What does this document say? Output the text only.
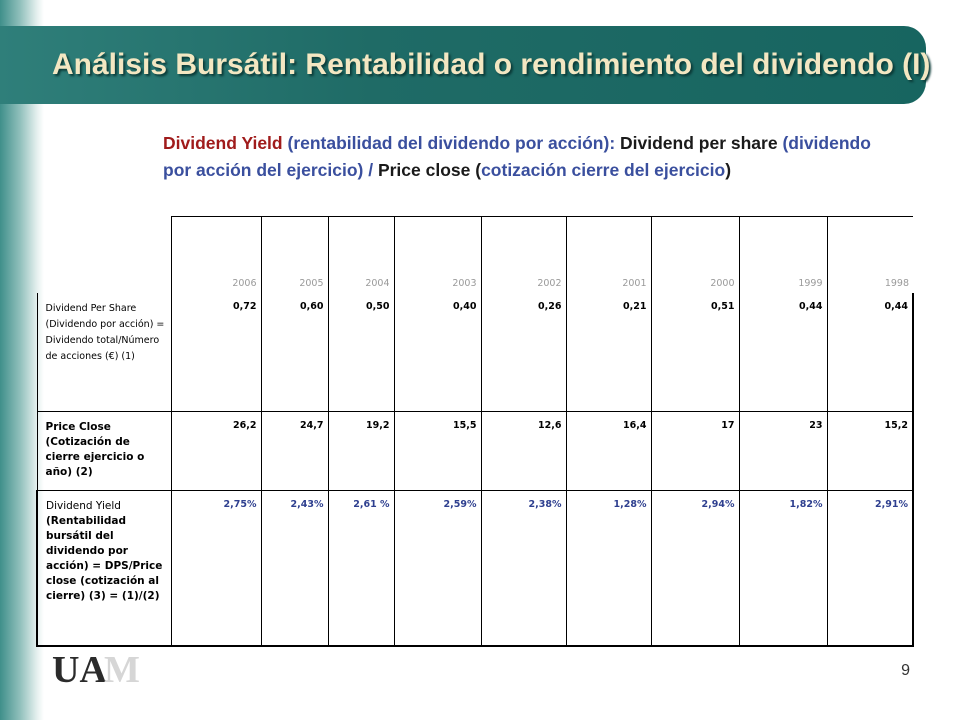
Análisis Bursátil: Rentabilidad o rendimiento del dividendo (I)
Dividend Yield (rentabilidad del dividendo por acción): Dividend per share (dividendo por acción del ejercicio) / Price close (cotización cierre del ejercicio)
	2006	2005	2004	2003	2002	2001	2000	1999	1998
Dividend Per Share (Dividendo por acción) = Dividendo total/Número de acciones (€) (1)	0,72	0,60	0,50	0,40	0,26	0,21	0,51	0,44	0,44
Price Close (Cotización de cierre ejercicio o año) (2)	26,2	24,7	19,2	15,5	12,6	16,4	17	23	15,2
Dividend Yield
(Rentabilidad bursátil del dividendo por acción) = DPS/Price close (cotización al cierre) (3) = (1)/(2)	2,75%	2,43%	2,61 %	2,59%	2,38%	1,28%	2,94%	1,82%	2,91%
UA
M	9
